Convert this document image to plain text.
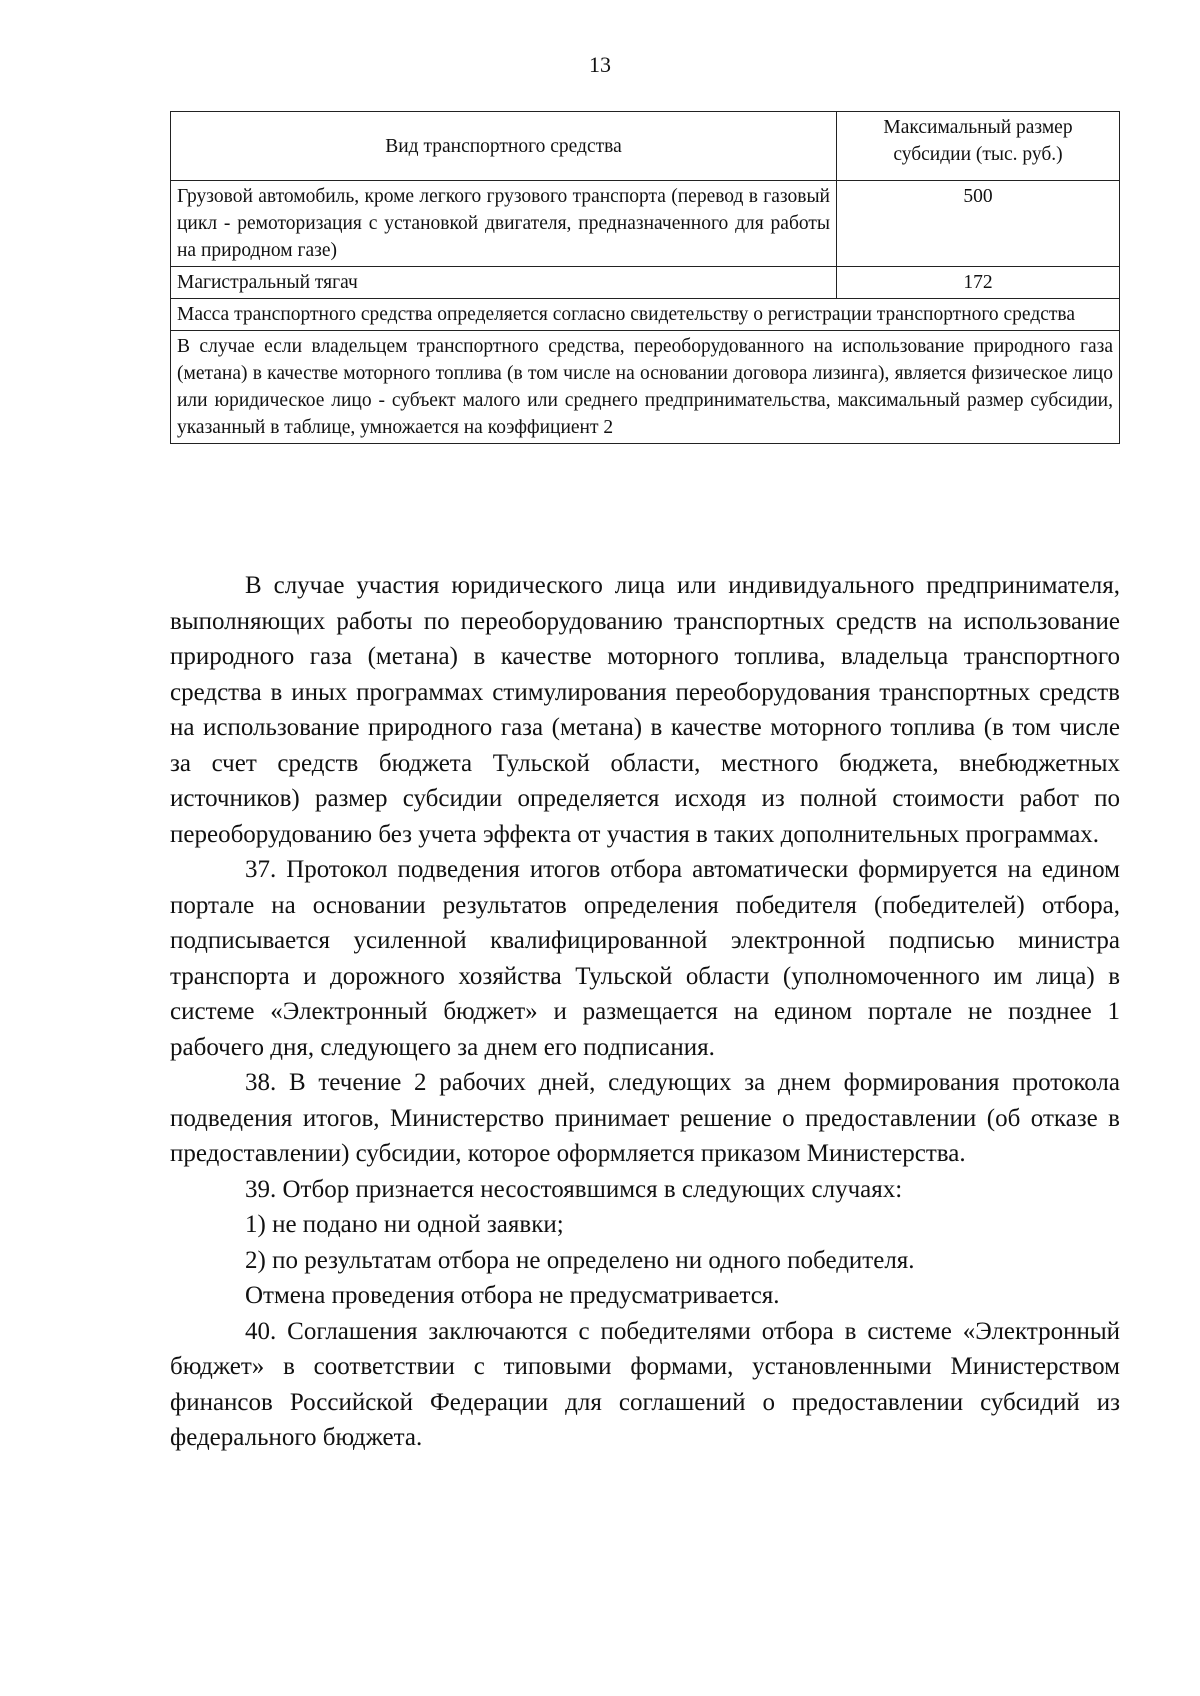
13
Вид транспортного средства	Максимальный размер субсидии (тыс. руб.)
Грузовой автомобиль, кроме легкого грузового транспорта (перевод в газовый цикл - ремоторизация с установкой двигателя, предназначенного для работы на природном газе)	500
Магистральный тягач	172
Масса транспортного средства определяется согласно свидетельству о регистрации транспортного средства	
В случае если владельцем транспортного средства, переоборудованного на использование природного газа (метана) в качестве моторного топлива (в том числе на основании договора лизинга), является физическое лицо или юридическое лицо - субъект малого или среднего предпринимательства, максимальный размер субсидии, указанный в таблице, умножается на коэффициент 2	

В случае участия юридического лица или индивидуального предпринимателя, выполняющих работы по переоборудованию транспортных средств на использование природного газа (метана) в качестве моторного топлива, владельца транспортного средства в иных программах стимулирования переоборудования транспортных средств на использование природного газа (метана) в качестве моторного топлива (в том числе за счет средств бюджета Тульской области, местного бюджета, внебюджетных источников) размер субсидии определяется исходя из полной стоимости работ по переоборудованию без учета эффекта от участия в таких дополнительных программах.

37. Протокол подведения итогов отбора автоматически формируется на едином портале на основании результатов определения победителя (победителей) отбора, подписывается усиленной квалифицированной электронной подписью министра транспорта и дорожного хозяйства Тульской области (уполномоченного им лица) в системе «Электронный бюджет» и размещается на едином портале не позднее 1 рабочего дня, следующего за днем его подписания.

38. В течение 2 рабочих дней, следующих за днем формирования протокола подведения итогов, Министерство принимает решение о предоставлении (об отказе в предоставлении) субсидии, которое оформляется приказом Министерства.

39. Отбор признается несостоявшимся в следующих случаях:

1) не подано ни одной заявки;

2) по результатам отбора не определено ни одного победителя.

Отмена проведения отбора не предусматривается.

40. Соглашения заключаются с победителями отбора в системе «Электронный бюджет» в соответствии с типовыми формами, установленными Министерством финансов Российской Федерации для соглашений о предоставлении субсидий из федерального бюджета.
